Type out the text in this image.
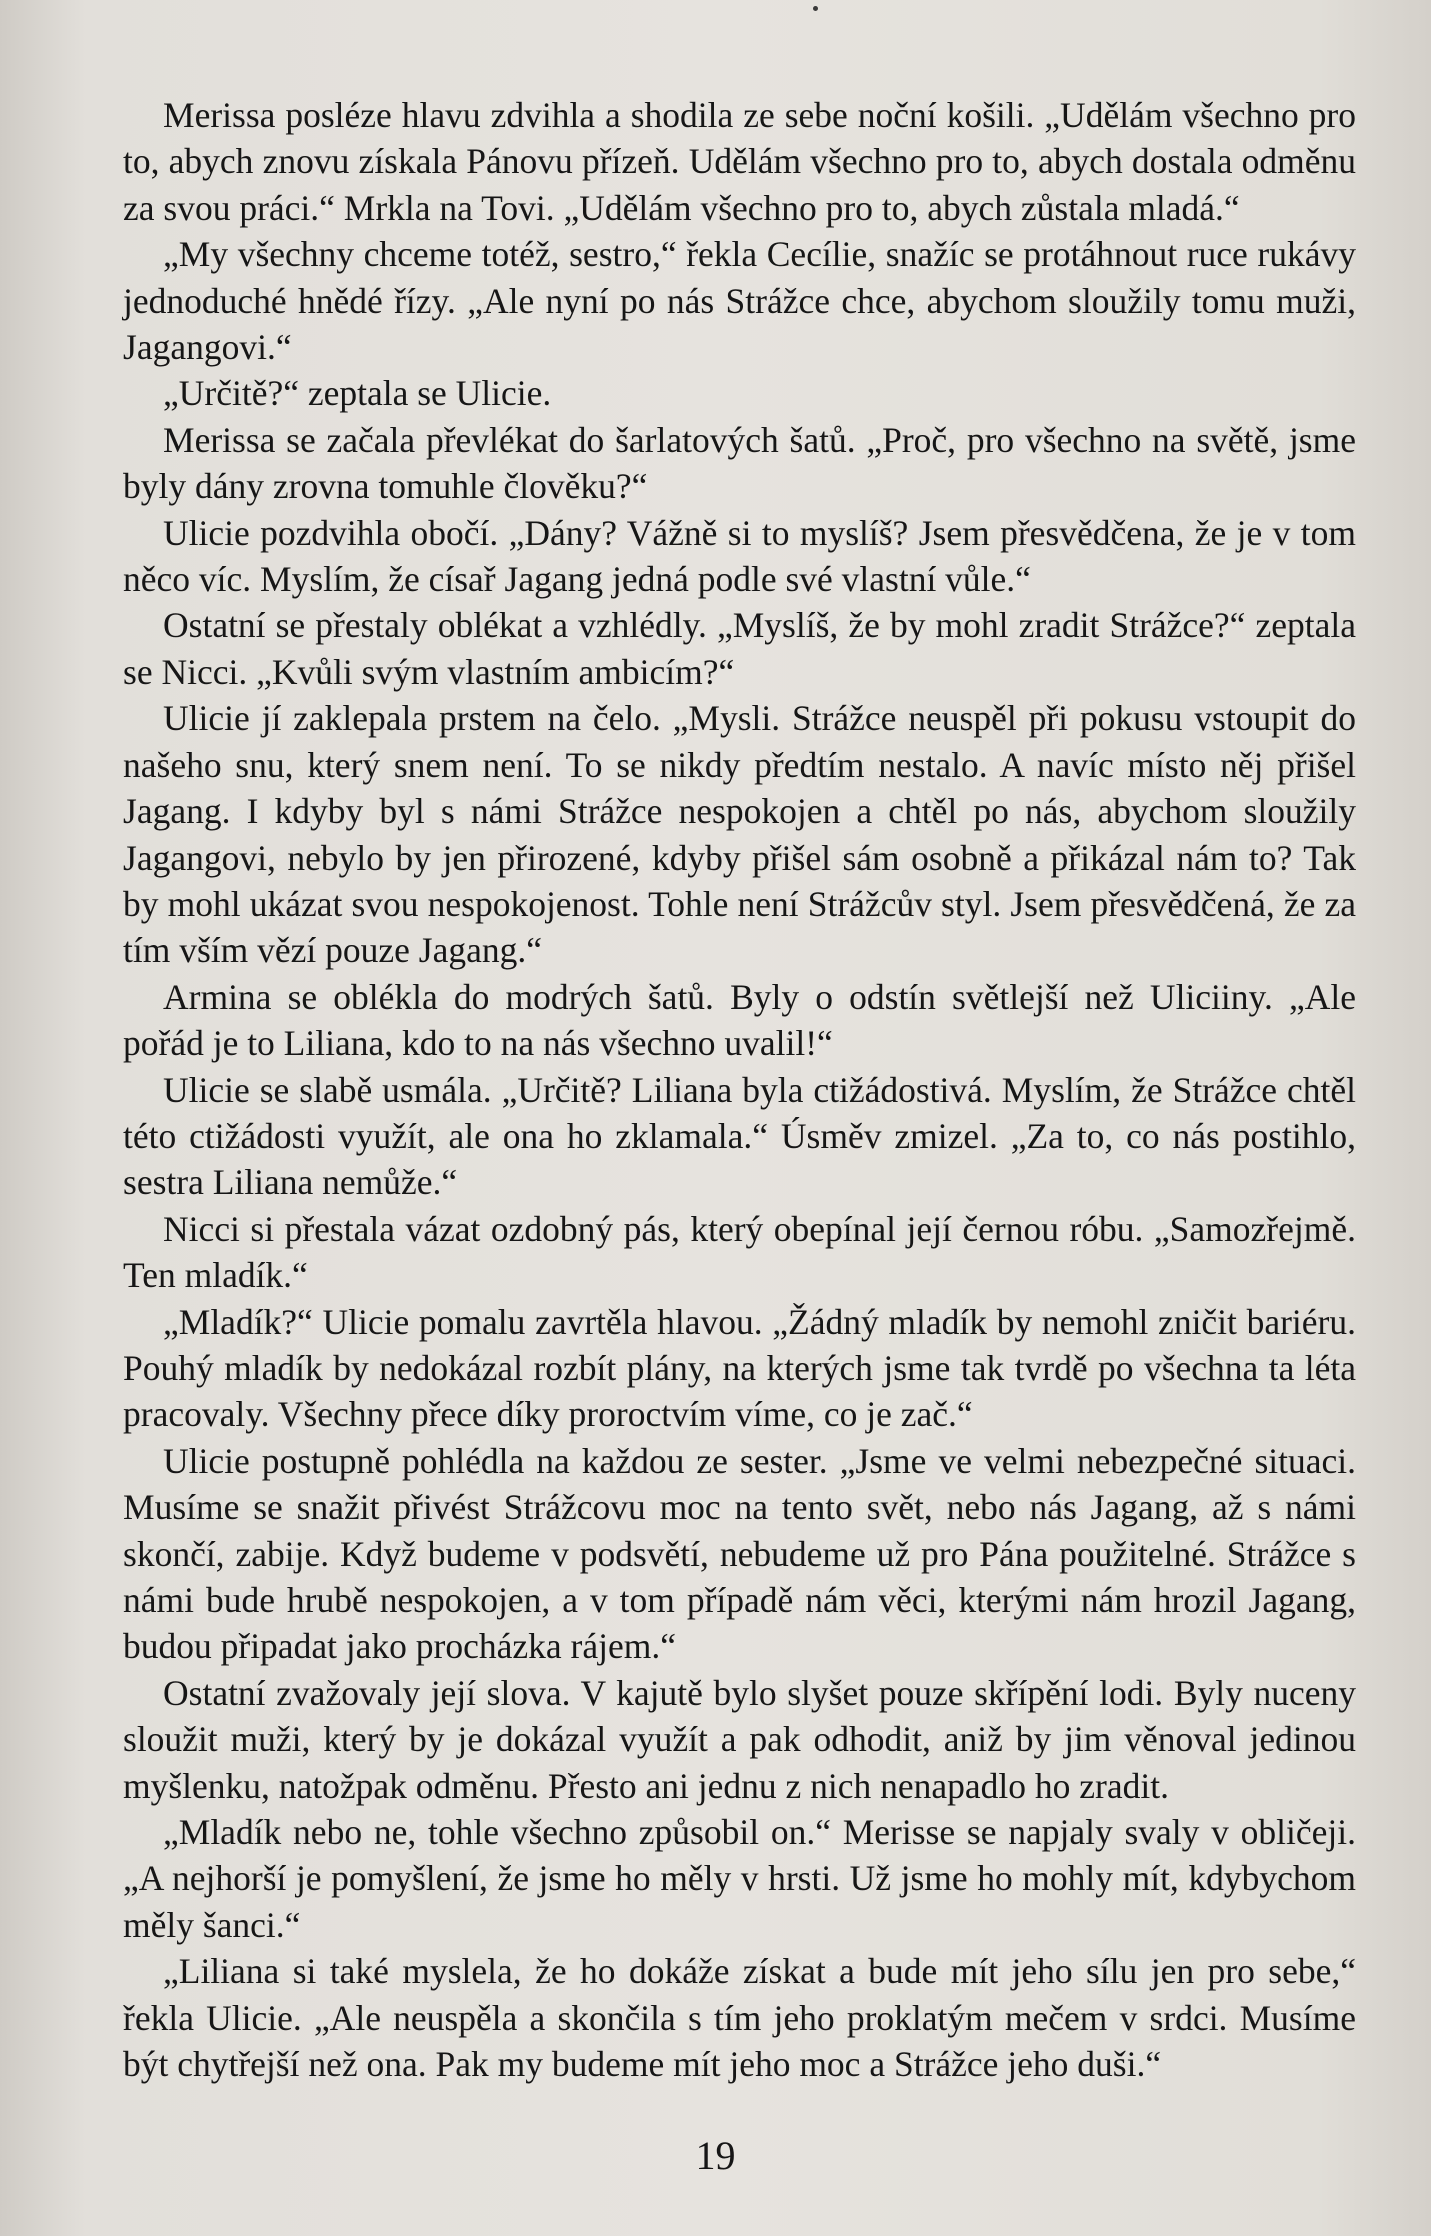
Merissa posléze hlavu zdvihla a shodila ze sebe noční košili. „Udělám všechno pro to, abych znovu získala Pánovu přízeň. Udělám všechno pro to, abych dostala odměnu za svou práci.“ Mrkla na Tovi. „Udělám všechno pro to, abych zůstala mladá.“

„My všechny chceme totéž, sestro,“ řekla Cecílie, snažíc se protáhnout ruce rukávy jednoduché hnědé řízy. „Ale nyní po nás Strážce chce, abychom sloužily tomu muži, Jagangovi.“

„Určitě?“ zeptala se Ulicie.

Merissa se začala převlékat do šarlatových šatů. „Proč, pro všechno na světě, jsme byly dány zrovna tomuhle člověku?“

Ulicie pozdvihla obočí. „Dány? Vážně si to myslíš? Jsem přesvědčena, že je v tom něco víc. Myslím, že císař Jagang jedná podle své vlastní vůle.“

Ostatní se přestaly oblékat a vzhlédly. „Myslíš, že by mohl zradit Strážce?“ zeptala se Nicci. „Kvůli svým vlastním ambicím?“

Ulicie jí zaklepala prstem na čelo. „Mysli. Strážce neuspěl při pokusu vstoupit do našeho snu, který snem není. To se nikdy předtím nestalo. A navíc místo něj přišel Jagang. I kdyby byl s námi Strážce nespokojen a chtěl po nás, abychom sloužily Jagangovi, nebylo by jen přirozené, kdyby přišel sám osobně a přikázal nám to? Tak by mohl ukázat svou nespokojenost. Tohle není Strážcův styl. Jsem přesvědčená, že za tím vším vězí pouze Jagang.“

Armina se oblékla do modrých šatů. Byly o odstín světlejší než Uliciiny. „Ale pořád je to Liliana, kdo to na nás všechno uvalil!“

Ulicie se slabě usmála. „Určitě? Liliana byla ctižádostivá. Myslím, že Strážce chtěl této ctižádosti využít, ale ona ho zklamala.“ Úsměv zmizel. „Za to, co nás postihlo, sestra Liliana nemůže.“

Nicci si přestala vázat ozdobný pás, který obepínal její černou róbu. „Samozřejmě. Ten mladík.“

„Mladík?“ Ulicie pomalu zavrtěla hlavou. „Žádný mladík by nemohl zničit bariéru. Pouhý mladík by nedokázal rozbít plány, na kterých jsme tak tvrdě po všechna ta léta pracovaly. Všechny přece díky proroctvím víme, co je zač.“

Ulicie postupně pohlédla na každou ze sester. „Jsme ve velmi nebezpečné situaci. Musíme se snažit přivést Strážcovu moc na tento svět, nebo nás Jagang, až s námi skončí, zabije. Když budeme v podsvětí, nebudeme už pro Pána použitelné. Strážce s námi bude hrubě nespokojen, a v tom případě nám věci, kterými nám hrozil Jagang, budou připadat jako procházka rájem.“

Ostatní zvažovaly její slova. V kajutě bylo slyšet pouze skřípění lodi. Byly nuceny sloužit muži, který by je dokázal využít a pak odhodit, aniž by jim věnoval jedinou myšlenku, natožpak odměnu. Přesto ani jednu z nich nenapadlo ho zradit.

„Mladík nebo ne, tohle všechno způsobil on.“ Merisse se napjaly svaly v obličeji. „A nejhorší je pomyšlení, že jsme ho měly v hrsti. Už jsme ho mohly mít, kdybychom měly šanci.“

„Liliana si také myslela, že ho dokáže získat a bude mít jeho sílu jen pro sebe,“ řekla Ulicie. „Ale neuspěla a skončila s tím jeho proklatým mečem v srdci. Musíme být chytřejší než ona. Pak my budeme mít jeho moc a Strážce jeho duši.“

19
